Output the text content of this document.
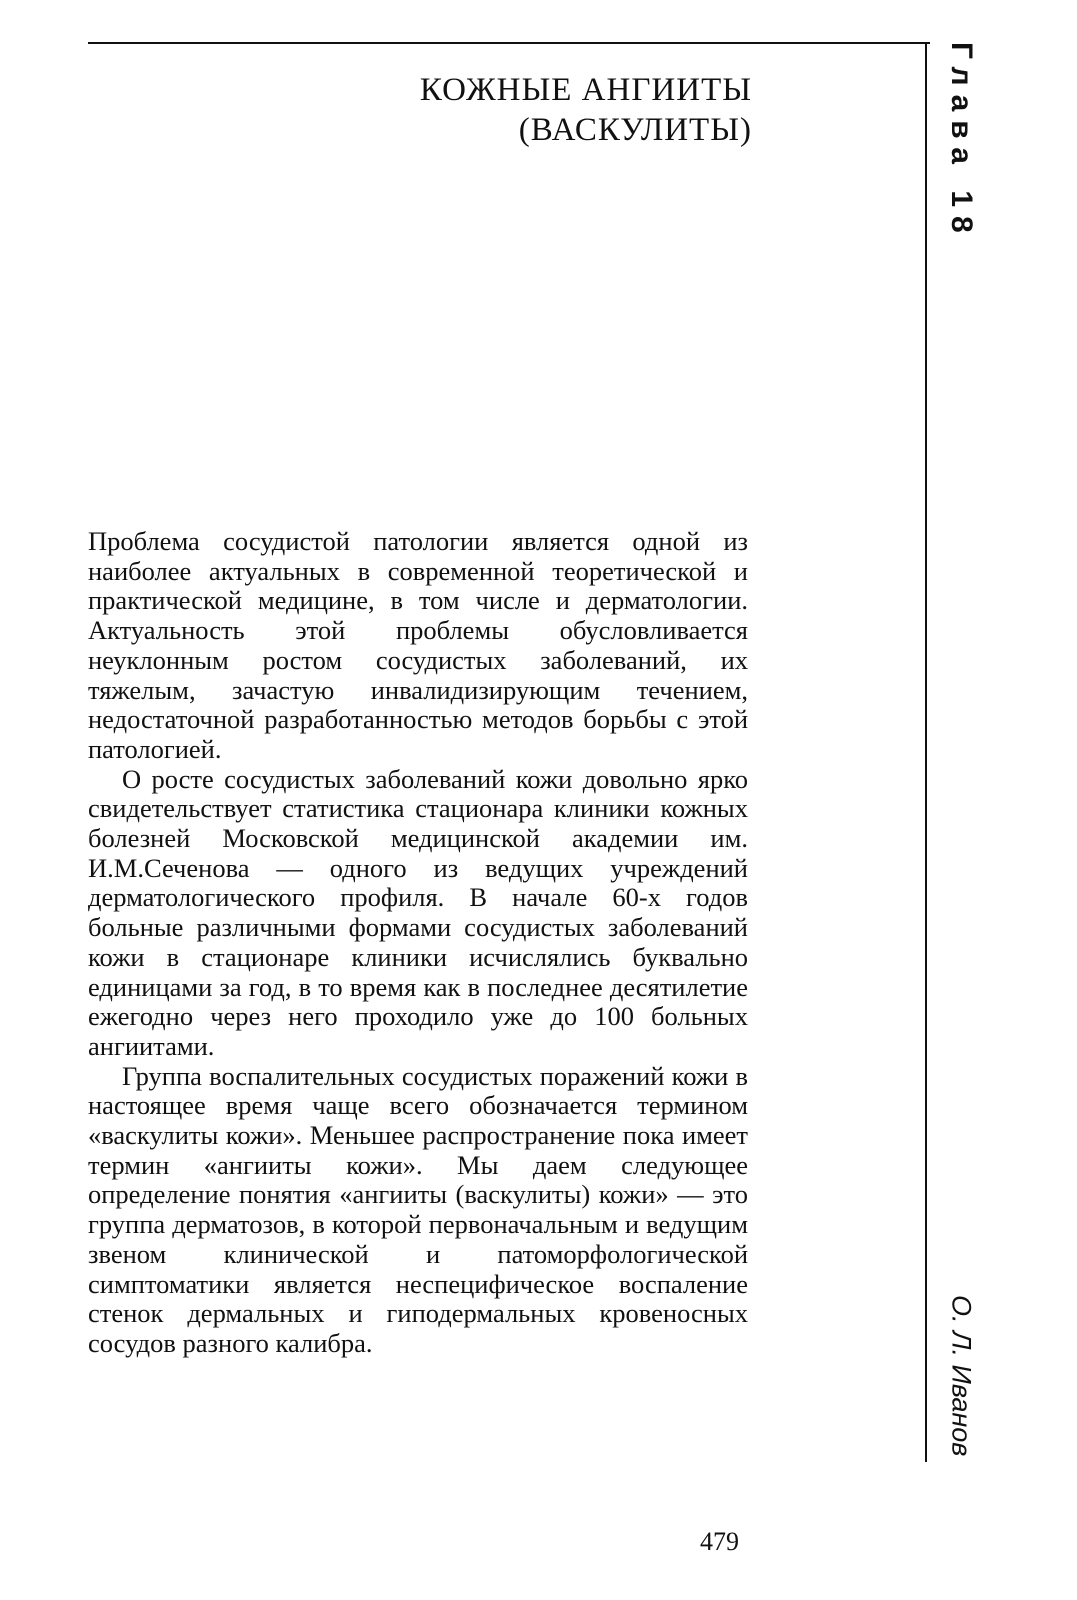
КОЖНЫЕ АНГИИТЫ
(ВАСКУЛИТЫ)	Глава 18
О. Л. Иванов

Проблема сосудистой патологии является одной из наиболее актуальных в современной теоретической и практической медицине, в том числе и дерматологии. Актуальность этой проблемы обусловливается неуклонным ростом сосудистых заболеваний, их тяжелым, зачастую инвалидизирующим течением, недостаточной разработанностью методов борьбы с этой патологией.

О росте сосудистых заболеваний кожи довольно ярко свидетельствует статистика стационара клиники кожных болезней Московской медицинской академии им. И.М.Сеченова — одного из ведущих учреждений дерматологического профиля. В начале 60-х годов больные различными формами сосудистых заболеваний кожи в стационаре клиники исчислялись буквально единицами за год, в то время как в последнее десятилетие ежегодно через него проходило уже до 100 больных ангиитами.

Группа воспалительных сосудистых поражений кожи в настоящее время чаще всего обозначается термином «васкулиты кожи». Меньшее распространение пока имеет термин «ангииты кожи». Мы даем следующее определение понятия «ангииты (васкулиты) кожи» — это группа дерматозов, в которой первоначальным и ведущим звеном клинической и патоморфологической симптоматики является неспецифическое воспаление стенок дермальных и гиподермальных кровеносных сосудов разного калибра.

479
